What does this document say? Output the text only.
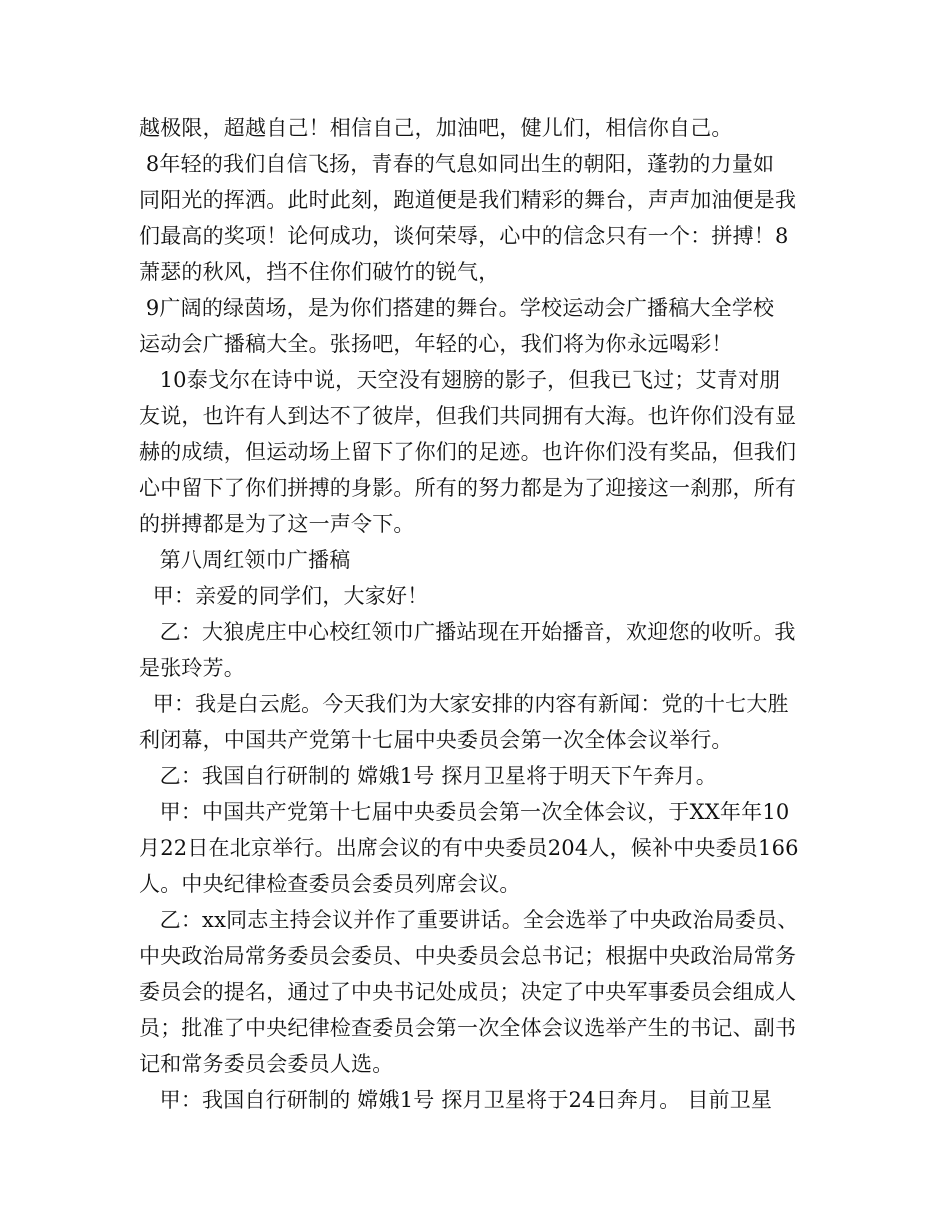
越极限，超越自己！相信自己，加油吧，健儿们，相信你自己。
8年轻的我们自信飞扬，青春的气息如同出生的朝阳，蓬勃的力量如
同阳光的挥洒。此时此刻，跑道便是我们精彩的舞台，声声加油便是我
们最高的奖项！论何成功，谈何荣辱，心中的信念只有一个：拼搏！8
萧瑟的秋风，挡不住你们破竹的锐气，
9广阔的绿茵场，是为你们搭建的舞台。学校运动会广播稿大全学校
运动会广播稿大全。张扬吧，年轻的心，我们将为你永远喝彩！
10泰戈尔在诗中说，天空没有翅膀的影子，但我已飞过；艾青对朋
友说，也许有人到达不了彼岸，但我们共同拥有大海。也许你们没有显
赫的成绩，但运动场上留下了你们的足迹。也许你们没有奖品，但我们
心中留下了你们拼搏的身影。所有的努力都是为了迎接这一刹那，所有
的拼搏都是为了这一声令下。
第八周红领巾广播稿
甲：亲爱的同学们，大家好！
乙：大狼虎庄中心校红领巾广播站现在开始播音，欢迎您的收听。我
是张玲芳。
甲：我是白云彪。今天我们为大家安排的内容有新闻：党的十七大胜
利闭幕，中国共产党第十七届中央委员会第一次全体会议举行。
乙：我国自行研制的 嫦娥1号 探月卫星将于明天下午奔月。
甲：中国共产党第十七届中央委员会第一次全体会议，于XX年年10
月22日在北京举行。出席会议的有中央委员204人，候补中央委员166
人。中央纪律检查委员会委员列席会议。
乙：xx同志主持会议并作了重要讲话。全会选举了中央政治局委员、
中央政治局常务委员会委员、中央委员会总书记；根据中央政治局常务
委员会的提名，通过了中央书记处成员；决定了中央军事委员会组成人
员；批准了中央纪律检查委员会第一次全体会议选举产生的书记、副书
记和常务委员会委员人选。
甲：我国自行研制的 嫦娥1号 探月卫星将于24日奔月。 目前卫星
